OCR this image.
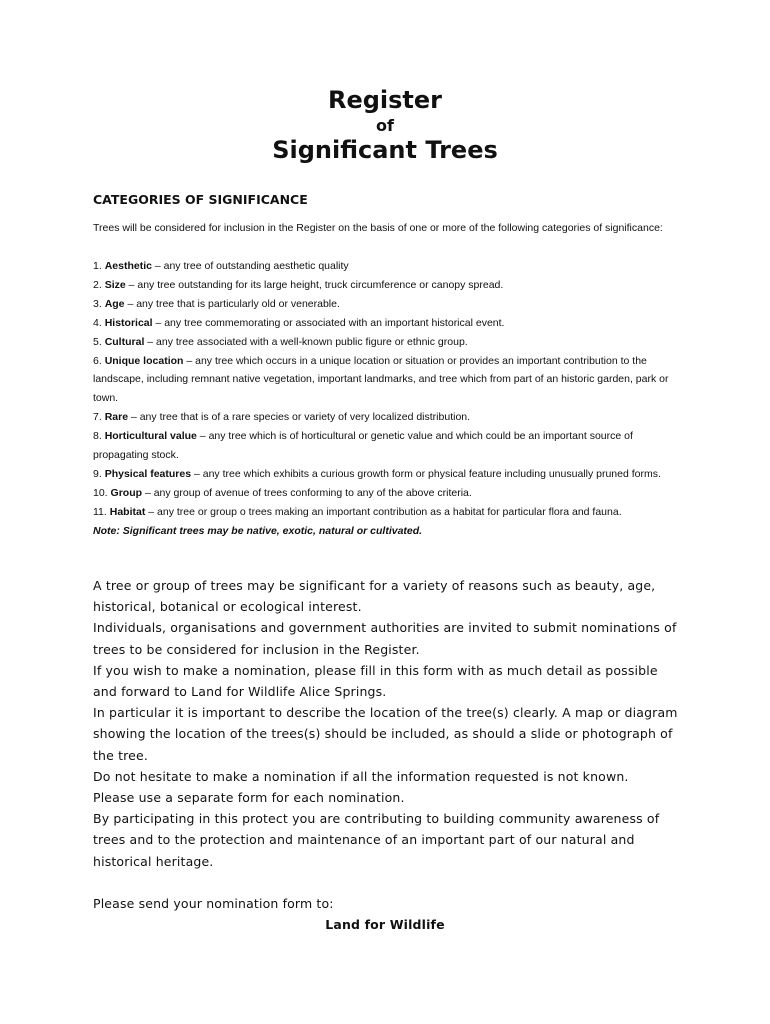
Register
of
Significant Trees
CATEGORIES OF SIGNIFICANCE
Trees will be considered for inclusion in the Register on the basis of one or more of the following categories of significance:
1. Aesthetic – any tree of outstanding aesthetic quality
2. Size – any tree outstanding for its large height, truck circumference or canopy spread.
3. Age – any tree that is particularly old or venerable.
4. Historical – any tree commemorating or associated with an important historical event.
5. Cultural – any tree associated with a well-known public figure or ethnic group.
6. Unique location – any tree which occurs in a unique location or situation or provides an important contribution to the landscape, including remnant native vegetation, important landmarks, and tree which from part of an historic garden, park or town.
7. Rare – any tree that is of a rare species or variety of very localized distribution.
8. Horticultural value – any tree which is of horticultural or genetic value and which could be an important source of propagating stock.
9. Physical features – any tree which exhibits a curious growth form or physical feature including unusually pruned forms.
10. Group – any group of avenue of trees conforming to any of the above criteria.
11. Habitat – any tree or group o trees making an important contribution as a habitat for particular flora and fauna.
Note: Significant trees may be native, exotic, natural or cultivated.

A tree or group of trees may be significant for a variety of reasons such as beauty, age, historical, botanical or ecological interest.

Individuals, organisations and government authorities are invited to submit nominations of trees to be considered for inclusion in the Register.

If you wish to make a nomination, please fill in this form with as much detail as possible and forward to Land for Wildlife Alice Springs.

In particular it is important to describe the location of the tree(s) clearly. A map or diagram showing the location of the trees(s) should be included, as should a slide or photograph of the tree.

Do not hesitate to make a nomination if all the information requested is not known.

Please use a separate form for each nomination.

By participating in this protect you are contributing to building community awareness of trees and to the protection and maintenance of an important part of our natural and historical heritage.

Please send your nomination form to:
Land for Wildlife
